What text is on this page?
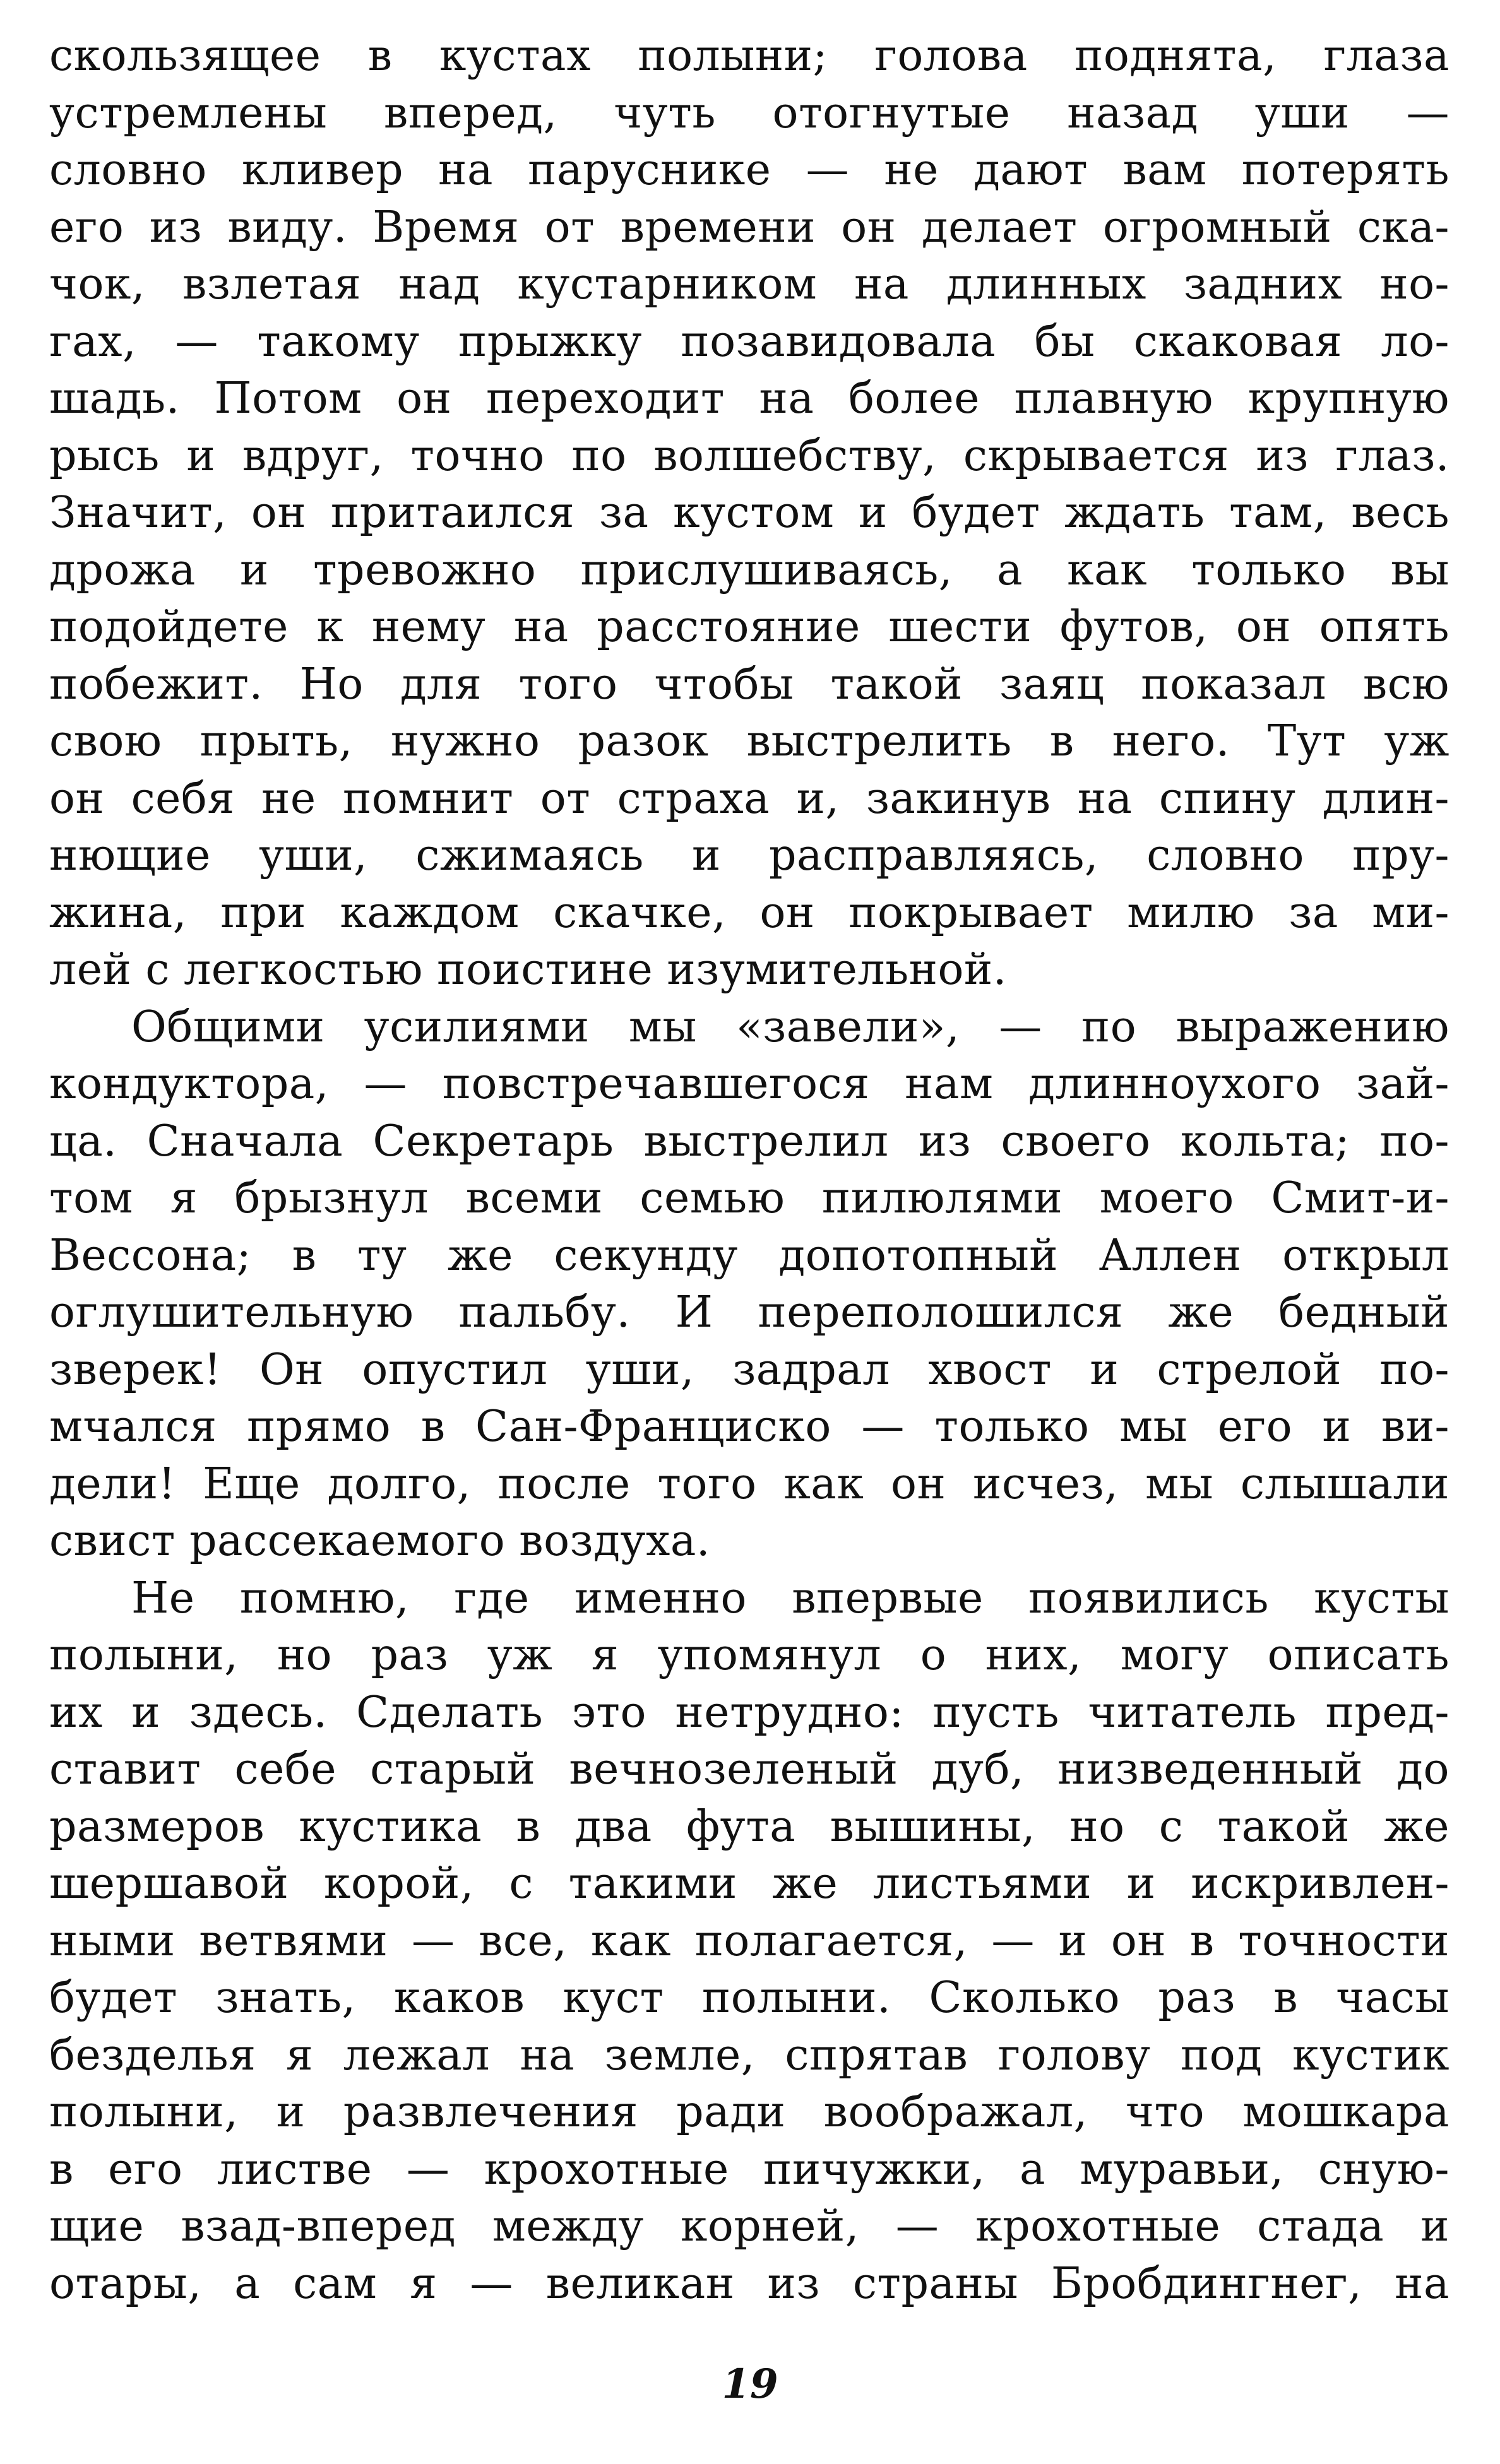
скользящее в кустах полыни; голова поднята, глаза
устремлены вперед, чуть отогнутые назад уши —
словно кливер на паруснике — не дают вам потерять
его из виду. Время от времени он делает огромный ска-
чок, взлетая над кустарником на длинных задних но-
гах, — такому прыжку позавидовала бы скаковая ло-
шадь. Потом он переходит на более плавную крупную
рысь и вдруг, точно по волшебству, скрывается из глаз.
Значит, он притаился за кустом и будет ждать там, весь
дрожа и тревожно прислушиваясь, а как только вы
подойдете к нему на расстояние шести футов, он опять
побежит. Но для того чтобы такой заяц показал всю
свою прыть, нужно разок выстрелить в него. Тут уж
он себя не помнит от страха и, закинув на спину длин-
нющие уши, сжимаясь и расправляясь, словно пру-
жина, при каждом скачке, он покрывает милю за ми-
лей с легкостью поистине изумительной.
Общими усилиями мы «завели», — по выражению
кондуктора, — повстречавшегося нам длинноухого зай-
ца. Сначала Секретарь выстрелил из своего кольта; по-
том я брызнул всеми семью пилюлями моего Смит-и-
Вессона; в ту же секунду допотопный Аллен открыл
оглушительную пальбу. И переполошился же бедный
зверек! Он опустил уши, задрал хвост и стрелой по-
мчался прямо в Сан-Франциско — только мы его и ви-
дели! Еще долго, после того как он исчез, мы слышали
свист рассекаемого воздуха.
Не помню, где именно впервые появились кусты
полыни, но раз уж я упомянул о них, могу описать
их и здесь. Сделать это нетрудно: пусть читатель пред-
ставит себе старый вечнозеленый дуб, низведенный до
размеров кустика в два фута вышины, но с такой же
шершавой корой, с такими же листьями и искривлен-
ными ветвями — все, как полагается, — и он в точности
будет знать, каков куст полыни. Сколько раз в часы
безделья я лежал на земле, спрятав голову под кустик
полыни, и развлечения ради воображал, что мошкара
в его листве — крохотные пичужки, а муравьи, сную-
щие взад-вперед между корней, — крохотные стада и
отары, а сам я — великан из страны Бробдингнег, на
19
